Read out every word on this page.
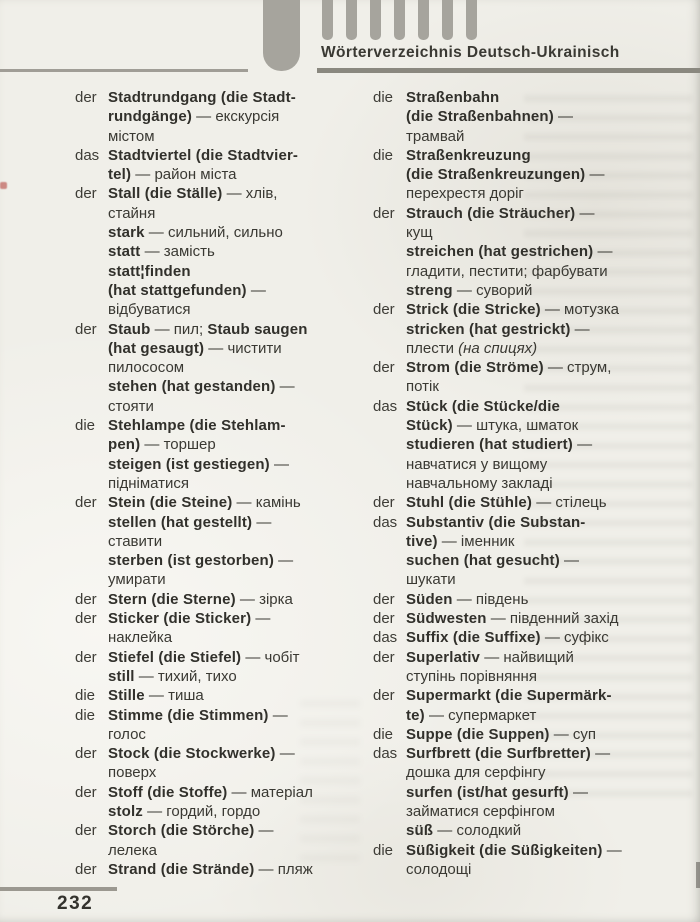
Wörterverzeichnis Deutsch-Ukrainisch
der Stadtrundgang (die Stadt-
rundgänge) — екскурсія
містом
das Stadtviertel (die Stadtvier-
tel) — район міста
der Stall (die Ställe) — хлів,
стайня
stark — сильний, сильно
statt — замість
statt¦finden
(hat stattgefunden) —
відбуватися
der Staub — пил; Staub saugen
(hat gesaugt) — чистити
пилососом
stehen (hat gestanden) —
стояти
die Stehlampe (die Stehlam-
pen) — торшер
steigen (ist gestiegen) —
підніматися
der Stein (die Steine) — камінь
stellen (hat gestellt) —
ставити
sterben (ist gestorben) —
умирати
der Stern (die Sterne) — зірка
der Sticker (die Sticker) —
наклейка
der Stiefel (die Stiefel) — чобіт
still — тихий, тихо
die Stille — тиша
die Stimme (die Stimmen) —
голос
der Stock (die Stockwerke) —
поверх
der Stoff (die Stoffe) — матеріал
stolz — гордий, гордо
der Storch (die Störche) —
лелека
der Strand (die Strände) — пляж
die Straßenbahn
(die Straßenbahnen) —
трамвай
die Straßenkreuzung
(die Straßenkreuzungen) —
перехрестя доріг
der Strauch (die Sträucher) —
кущ
streichen (hat gestrichen) —
гладити, пестити; фарбувати
streng — суворий
der Strick (die Stricke) — мотузка
stricken (hat gestrickt) —
плести (на спицях)
der Strom (die Ströme) — струм,
потік
das Stück (die Stücke/die
Stück) — штука, шматок
studieren (hat studiert) —
навчатися у вищому
навчальному закладі
der Stuhl (die Stühle) — стілець
das Substantiv (die Substan-
tive) — іменник
suchen (hat gesucht) —
шукати
der Süden — південь
der Südwesten — південний захід
das Suffix (die Suffixe) — суфікс
der Superlativ — найвищий
ступінь порівняння
der Supermarkt (die Supermärk-
te) — супермаркет
die Suppe (die Suppen) — суп
das Surfbrett (die Surfbretter) —
дошка для серфінгу
surfen (ist/hat gesurft) —
займатися серфінгом
süß — солодкий
die Süßigkeit (die Süßigkeiten) —
солодощі
232
